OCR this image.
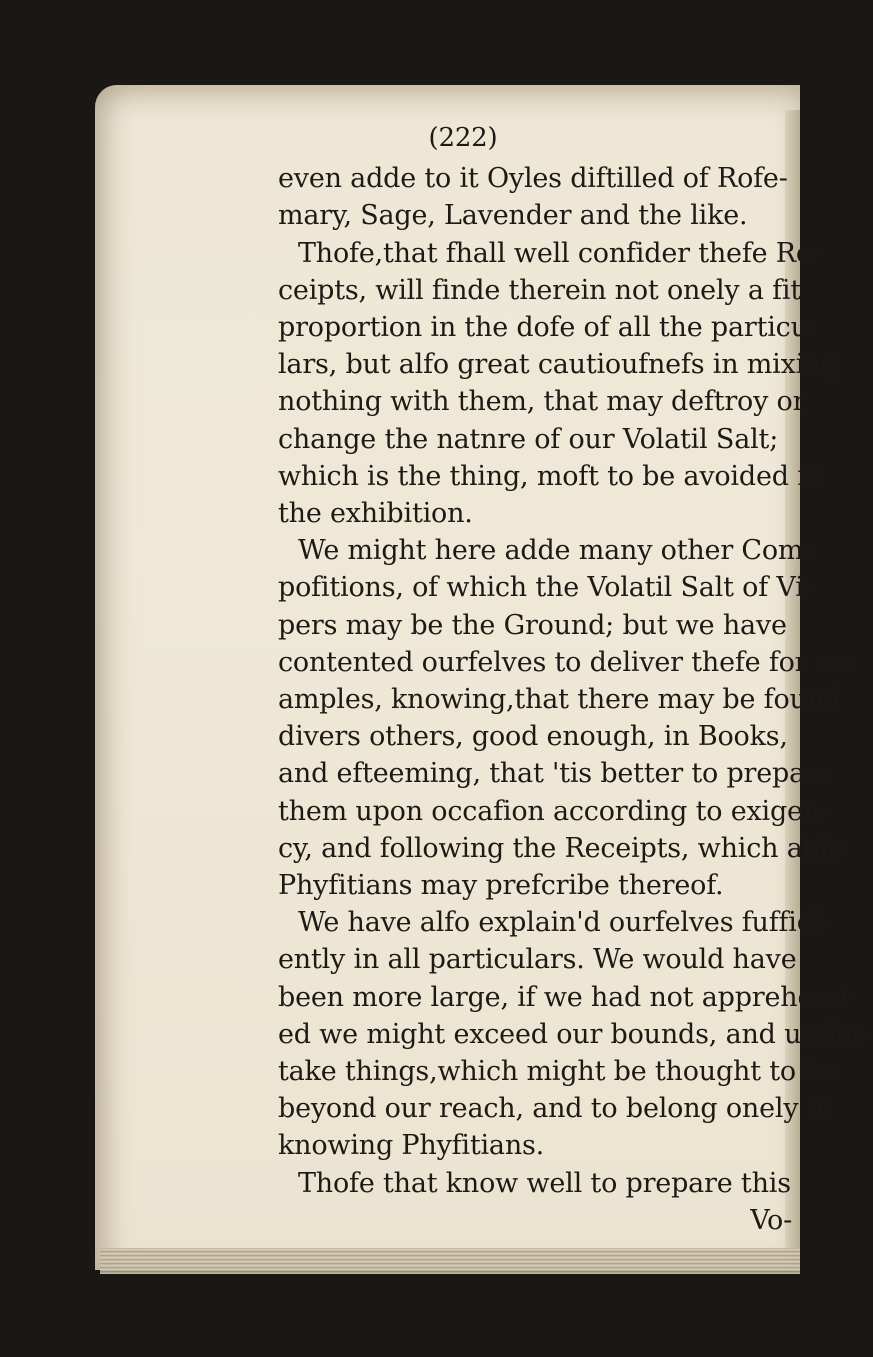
(222)
even adde to it Oyles diftilled of Rofe-
mary, Sage, Lavender and the like.
Thofe,that fhall well confider thefe Re-
ceipts, will finde therein not onely a fit
proportion in the dofe of all the particu-
lars, but alfo great cautioufnefs in mixing
nothing with them, that may deftroy or
change the natnre of our Volatil Salt;
which is the thing, moft to be avoided in
the exhibition.
We might here adde many other Com-
pofitions, of which the Volatil Salt of Vi-
pers may be the Ground; but we have
contented ourfelves to deliver thefe for ex-
amples, knowing,that there may be found
divers others, good enough, in Books,
and efteeming, that 'tis better to prepare
them upon occafion according to exigen-
cy, and following the Receipts, which able
Phyfitians may prefcribe thereof.
We have alfo explain'd ourfelves fuffici-
ently in all particulars. We would have
been more large, if we had not apprehend-
ed we might exceed our bounds, and under-
take things,which might be thought to be
beyond our reach, and to belong onely to
knowing Phyfitians.
Thofe that know well to prepare this
Vo-
